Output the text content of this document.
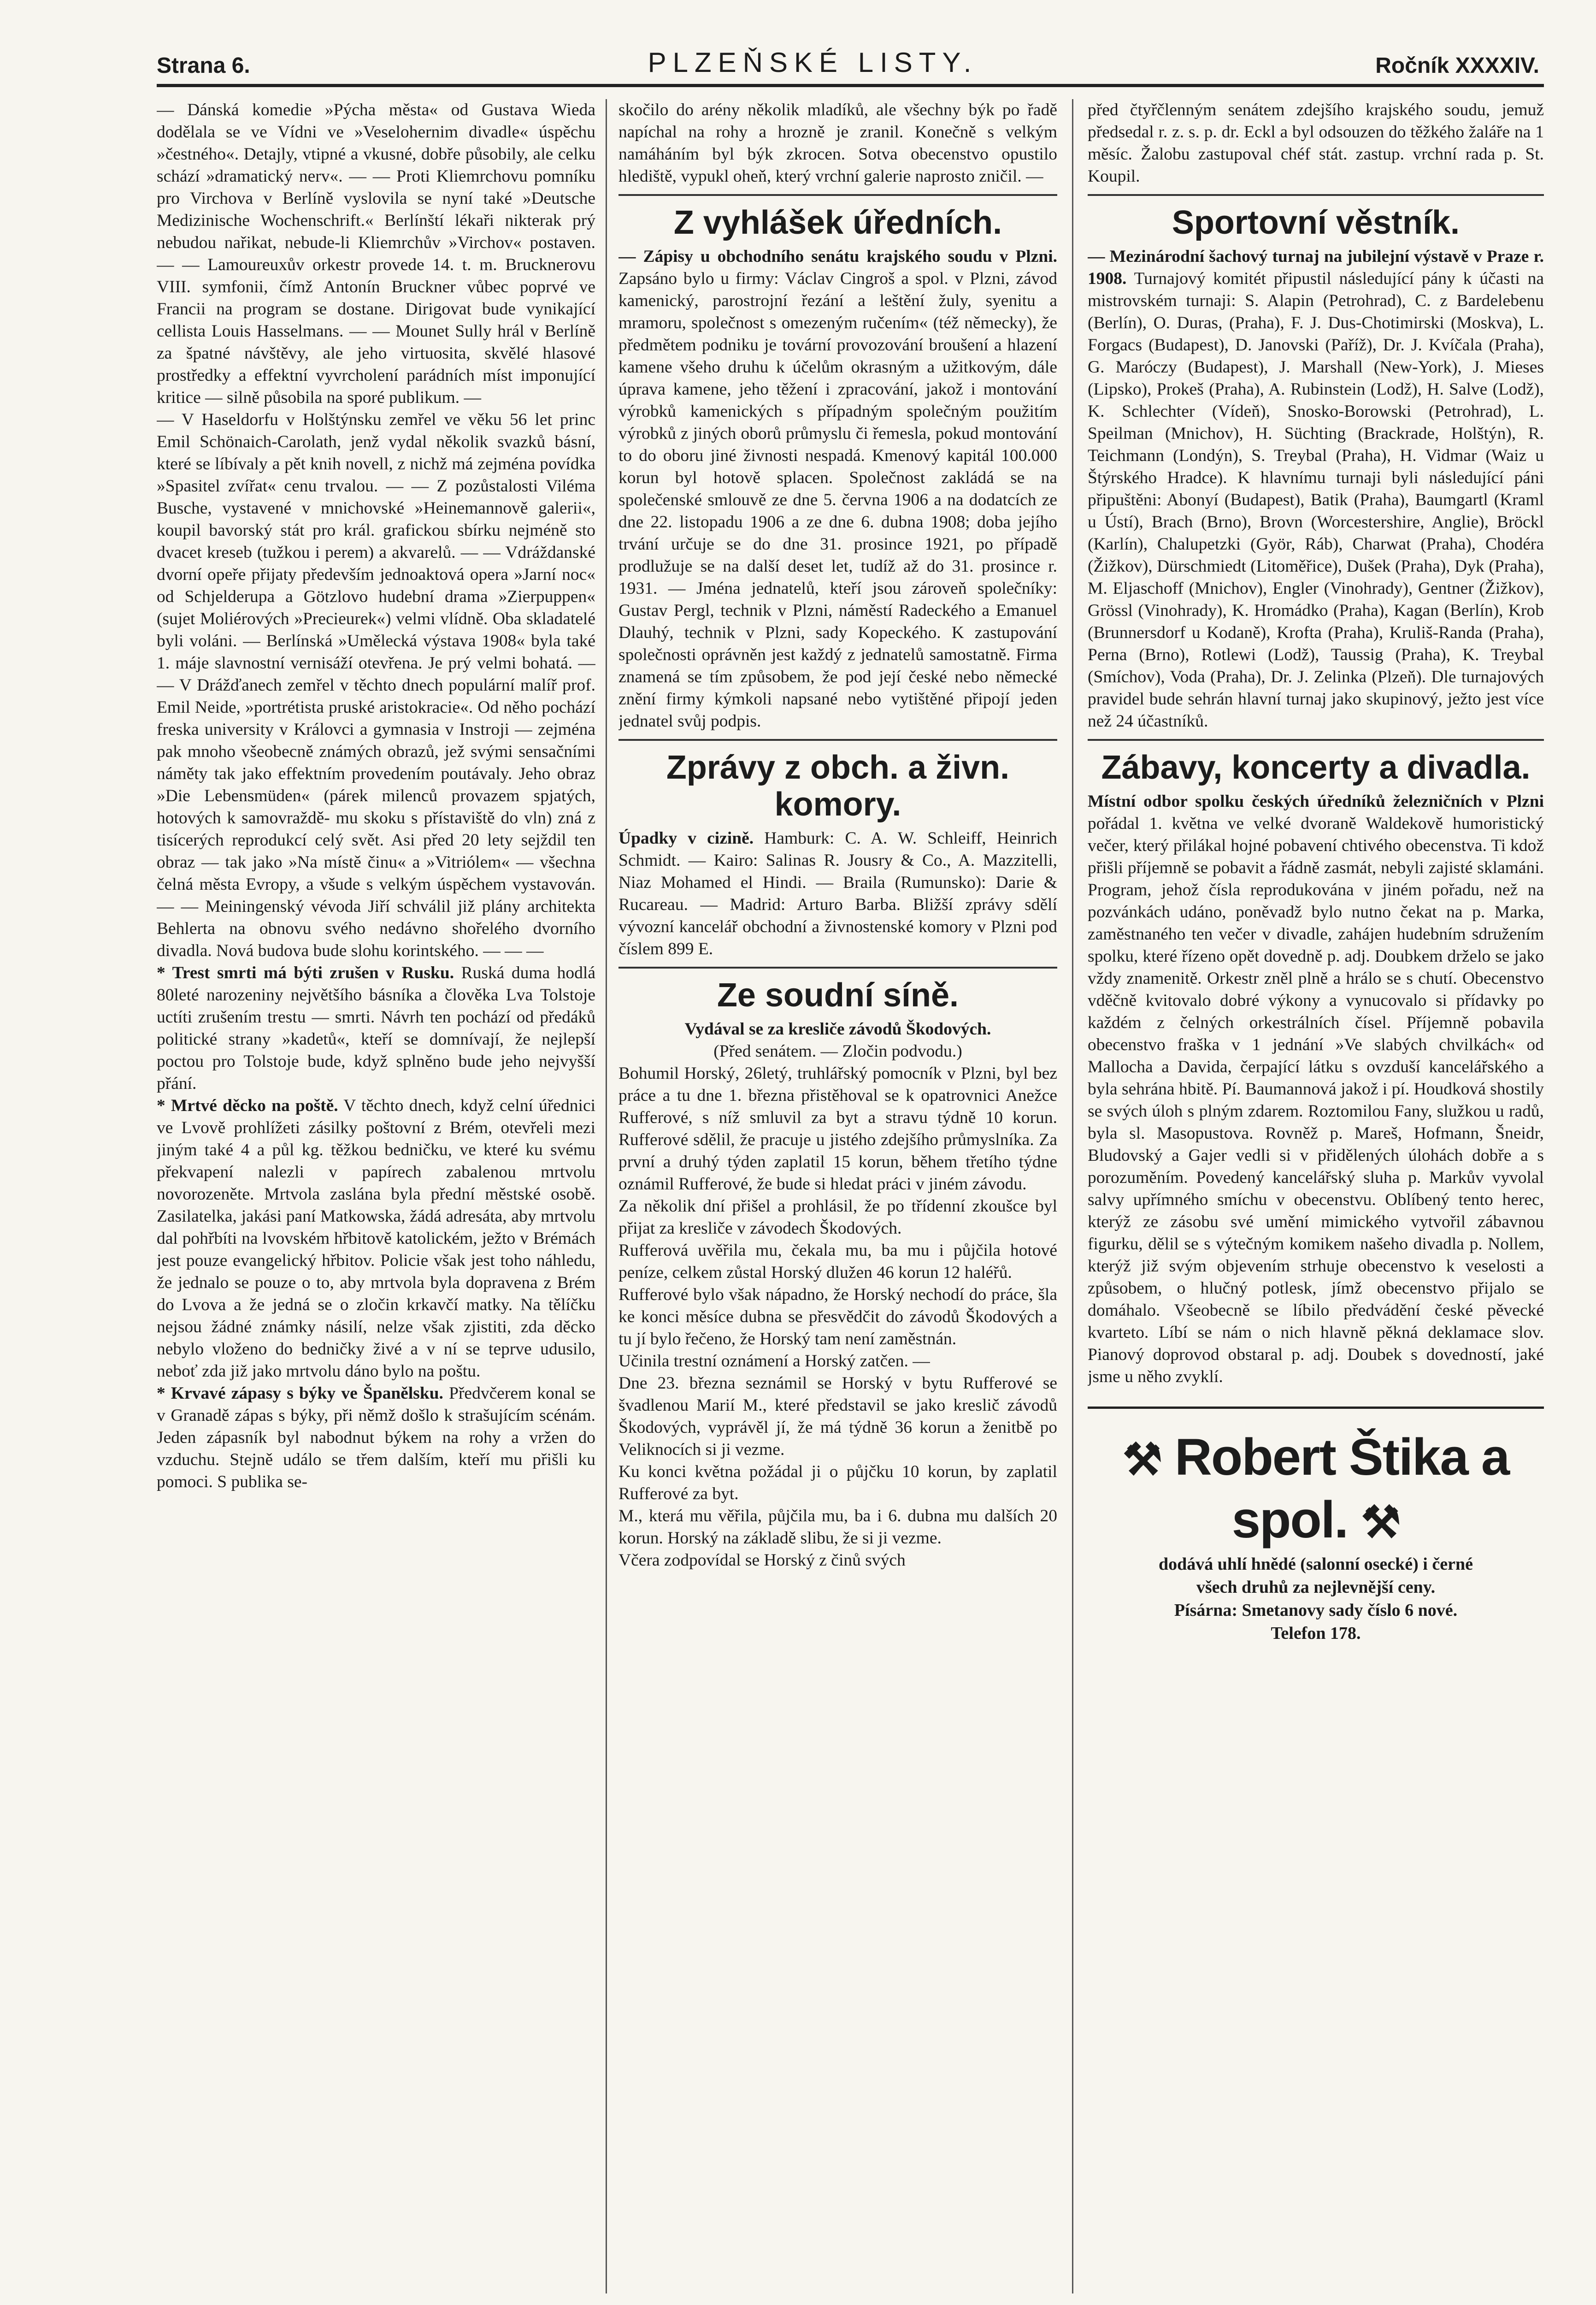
Strana 6.	PLZEŇSKÉ LISTY.	Ročník XXXXIV.

— Dánská komedie »Pýcha města« od Gustava Wieda dodělala se ve Vídni ve »Veselohernim divadle« úspěchu »čestného«. Detajly, vtipné a vkusné, dobře působily, ale celku schází »dramatický nerv«. — — Proti Kliemrchovu pomníku pro Virchova v Berlíně vyslovila se nyní také »Deutsche Medizinische Wochenschrift.« Berlínští lékaři nikterak prý nebudou nařikat, nebude-li Kliemrchův »Virchov« postaven. — — Lamoureuxův orkestr provede 14. t. m. Brucknerovu VIII. symfonii, čímž Antonín Bruckner vůbec poprvé ve Francii na program se dostane. Dirigovat bude vynikající cellista Louis Hasselmans. — — Mounet Sully hrál v Berlíně za špatné návštěvy, ale jeho virtuosita, skvělé hlasové prostředky a effektní vyvrcholení parádních míst imponující kritice — silně působila na sporé publikum. —

— V Haseldorfu v Holštýnsku zemřel ve věku 56 let princ Emil Schönaich-Carolath, jenž vydal několik svazků básní, které se líbívaly a pět knih novell, z nichž má zejména povídka »Spasitel zvířat« cenu trvalou. — — Z pozůstalosti Viléma Busche, vystavené v mnichovské »Heinemannově galerii«, koupil bavorský stát pro král. grafickou sbírku nejméně sto dvacet kreseb (tužkou i perem) a akvarelů. — — Vdráždanské dvorní opeře přijaty především jednoaktová opera »Jarní noc« od Schjelderupa a Götzlovo hudební drama »Zierpuppen« (sujet Moliérových »Precieurek«) velmi vlídně. Oba skladatelé byli voláni. — Berlínská »Umělecká výstava 1908« byla také 1. máje slavnostní vernisáží otevřena. Je prý velmi bohatá. — — V Drážďanech zemřel v těchto dnech populární malíř prof. Emil Neide, »portrétista pruské aristokracie«. Od něho pochází freska university v Královci a gymnasia v Instroji — zejména pak mnoho všeobecně známých obrazů, jež svými sensačními náměty tak jako effektním provedením poutávaly. Jeho obraz »Die Lebensmüden« (párek milenců provazem spjatých, hotových k samovraždě- mu skoku s přístaviště do vln) zná z tisícerých reprodukcí celý svět. Asi před 20 lety sejždil ten obraz — tak jako »Na místě činu« a »Vitriólem« — všechna čelná města Evropy, a všude s velkým úspěchem vystavován. — — Meiningenský vévoda Jiří schválil již plány architekta Behlerta na obnovu svého nedávno shořelého dvorního divadla. Nová budova bude slohu korintského. — — —

* Trest smrti má býti zrušen v Rusku. Ruská duma hodlá 80leté narozeniny největšího básníka a člověka Lva Tolstoje uctíti zrušením trestu — smrti. Návrh ten pochází od předáků politické strany »kadetů«, kteří se domnívají, že nejlepší poctou pro Tolstoje bude, když splněno bude jeho nejvyšší přání.

* Mrtvé děcko na poště. V těchto dnech, když celní úřednici ve Lvově prohlížeti zásilky poštovní z Brém, otevřeli mezi jiným také 4 a půl kg. těžkou bedničku, ve které ku svému překvapení nalezli v papírech zabalenou mrtvolu novorozeněte. Mrtvola zaslána byla přední městské osobě. Zasilatelka, jakási paní Matkowska, žádá adresáta, aby mrtvolu dal pohřbíti na lvovském hřbitově katolickém, ježto v Brémách jest pouze evangelický hřbitov. Policie však jest toho náhledu, že jednalo se pouze o to, aby mrtvola byla dopravena z Brém do Lvova a že jedná se o zločin krkavčí matky. Na tělíčku nejsou žádné známky násilí, nelze však zjistiti, zda děcko nebylo vloženo do bedničky živé a v ní se teprve udusilo, neboť zda již jako mrtvolu dáno bylo na poštu.

* Krvavé zápasy s býky ve Španělsku. Předvčerem konal se v Granadě zápas s býky, při němž došlo k strašujícím scénám. Jeden zápasník byl nabodnut býkem na rohy a vržen do vzduchu. Stejně událo se třem dalším, kteří mu přišli ku pomoci. S publika se-

skočilo do arény několik mladíků, ale všechny býk po řadě napíchal na rohy a hrozně je zranil. Konečně s velkým namáháním byl býk zkrocen. Sotva obecenstvo opustilo hlediště, vypukl oheň, který vrchní galerie naprosto zničil. —

Z vyhlášek úředních.

— Zápisy u obchodního senátu krajského soudu v Plzni. Zapsáno bylo u firmy: Václav Cingroš a spol. v Plzni, závod kamenický, parostrojní řezání a leštění žuly, syenitu a mramoru, společnost s omezeným ručením« (též německy), že předmětem podniku je tovární provozování broušení a hlazení kamene všeho druhu k účelům okrasným a užitkovým, dále úprava kamene, jeho těžení i zpracování, jakož i montování výrobků kamenických s případným společným použitím výrobků z jiných oborů průmyslu či řemesla, pokud montování to do oboru jiné živnosti nespadá. Kmenový kapitál 100.000 korun byl hotově splacen. Společnost zakládá se na společenské smlouvě ze dne 5. června 1906 a na dodatcích ze dne 22. listopadu 1906 a ze dne 6. dubna 1908; doba jejího trvání určuje se do dne 31. prosince 1921, po případě prodlužuje se na další deset let, tudíž až do 31. prosince r. 1931. — Jména jednatelů, kteří jsou zároveň společníky: Gustav Pergl, technik v Plzni, náměstí Radeckého a Emanuel Dlauhý, technik v Plzni, sady Kopeckého. K zastupování společnosti oprávněn jest každý z jednatelů samostatně. Firma znamená se tím způsobem, že pod její české nebo německé znění firmy kýmkoli napsané nebo vytištěné připojí jeden jednatel svůj podpis.

Zprávy z obch. a živn. komory.

Úpadky v cizině. Hamburk: C. A. W. Schleiff, Heinrich Schmidt. — Kairo: Salinas R. Jousry & Co., A. Mazzitelli, Niaz Mohamed el Hindi. — Braila (Rumunsko): Darie & Rucareau. — Madrid: Arturo Barba. Bližší zprávy sdělí vývozní kancelář obchodní a živnostenské komory v Plzni pod číslem 899 E.

Ze soudní síně.

Vydával se za kresliče závodů Škodových.

(Před senátem. — Zločin podvodu.)

Bohumil Horský, 26letý, truhlářský pomocník v Plzni, byl bez práce a tu dne 1. března přistěhoval se k opatrovnici Anežce Rufferové, s níž smluvil za byt a stravu týdně 10 korun. Rufferové sdělil, že pracuje u jistého zdejšího průmyslníka. Za první a druhý týden zaplatil 15 korun, během třetího týdne oznámil Rufferové, že bude si hledat práci v jiném závodu.

Za několik dní přišel a prohlásil, že po třídenní zkoušce byl přijat za kresliče v závodech Škodových.

Rufferová uvěřila mu, čekala mu, ba mu i půjčila hotové peníze, celkem zůstal Horský dlužen 46 korun 12 haléřů.

Rufferové bylo však nápadno, že Horský nechodí do práce, šla ke konci měsíce dubna se přesvědčit do závodů Škodových a tu jí bylo řečeno, že Horský tam není zaměstnán.

Učinila trestní oznámení a Horský zatčen. —

Dne 23. března seznámil se Horský v bytu Rufferové se švadlenou Marií M., které představil se jako kreslič závodů Škodových, vyprávěl jí, že má týdně 36 korun a ženitbě po Veliknocích si ji vezme.

Ku konci května požádal ji o půjčku 10 korun, by zaplatil Rufferové za byt.

M., která mu věřila, půjčila mu, ba i 6. dubna mu dalších 20 korun. Horský na základě slibu, že si ji vezme.

Včera zodpovídal se Horský z činů svých

před čtyřčlenným senátem zdejšího krajského soudu, jemuž předsedal r. z. s. p. dr. Eckl a byl odsouzen do těžkého žaláře na 1 měsíc. Žalobu zastupoval chéf stát. zastup. vrchní rada p. St. Koupil.

Sportovní věstník.

— Mezinárodní šachový turnaj na jubilejní výstavě v Praze r. 1908. Turnajový komitét připustil následující pány k účasti na mistrovském turnaji: S. Alapin (Petrohrad), C. z Bardelebenu (Berlín), O. Duras, (Praha), F. J. Dus-Chotimirski (Moskva), L. Forgacs (Budapest), D. Janovski (Paříž), Dr. J. Kvíčala (Praha), G. Maróczy (Budapest), J. Marshall (New-York), J. Mieses (Lipsko), Prokeš (Praha), A. Rubinstein (Lodž), H. Salve (Lodž), K. Schlechter (Vídeň), Snosko-Borowski (Petrohrad), L. Speilman (Mnichov), H. Süchting (Brackrade, Holštýn), R. Teichmann (Londýn), S. Treybal (Praha), H. Vidmar (Waiz u Štýrského Hradce). K hlavnímu turnaji byli následující páni připuštěni: Abonyí (Budapest), Batik (Praha), Baumgartl (Kraml u Ústí), Brach (Brno), Brovn (Worcestershire, Anglie), Bröckl (Karlín), Chalupetzki (Györ, Ráb), Charwat (Praha), Chodéra (Žižkov), Dürschmiedt (Litoměřice), Dušek (Praha), Dyk (Praha), M. Eljaschoff (Mnichov), Engler (Vinohrady), Gentner (Žižkov), Grössl (Vinohrady), K. Hromádko (Praha), Kagan (Berlín), Krob (Brunnersdorf u Kodaně), Krofta (Praha), Kruliš-Randa (Praha), Perna (Brno), Rotlewi (Lodž), Taussig (Praha), K. Treybal (Smíchov), Voda (Praha), Dr. J. Zelinka (Plzeň). Dle turnajových pravidel bude sehrán hlavní turnaj jako skupinový, ježto jest více než 24 účastníků.

Zábavy, koncerty a divadla.

Místní odbor spolku českých úředníků železničních v Plzni pořádal 1. května ve velké dvoraně Waldekově humoristický večer, který přilákal hojné pobavení chtivého obecenstva. Ti kdož přišli příjemně se pobavit a řádně zasmát, nebyli zajisté sklamáni. Program, jehož čísla reprodukována v jiném pořadu, než na pozvánkách udáno, poněvadž bylo nutno čekat na p. Marka, zaměstnaného ten večer v divadle, zahájen hudebním sdružením spolku, které řízeno opět dovedně p. adj. Doubkem drželo se jako vždy znamenitě. Orkestr zněl plně a hrálo se s chutí. Obecenstvo vděčně kvitovalo dobré výkony a vynucovalo si přídavky po každém z čelných orkestrálních čísel. Příjemně pobavila obecenstvo fraška v 1 jednání »Ve slabých chvilkách« od Mallocha a Davida, čerpající látku s ovzduší kancelářského a byla sehrána hbitě. Pí. Baumannová jakož i pí. Houdková shostily se svých úloh s plným zdarem. Roztomilou Fany, služkou u radů, byla sl. Masopustova. Rovněž p. Mareš, Hofmann, Šneidr, Bludovský a Gajer vedli si v přidělených úlohách dobře a s porozuměním. Povedený kancelářský sluha p. Markův vyvolal salvy upřímného smíchu v obecenstvu. Oblíbený tento herec, kterýž ze zásobu své umění mimického vytvořil zábavnou figurku, dělil se s výtečným komikem našeho divadla p. Nollem, kterýž již svým objevením strhuje obecenstvo k veselosti a způsobem, o hlučný potlesk, jímž obecenstvo přijalo se domáhalo. Všeobecně se líbilo předvádění české pěvecké kvarteto. Líbí se nám o nich hlavně pěkná deklamace slov. Pianový doprovod obstaral p. adj. Doubek s dovedností, jaké jsme u něho zvyklí.

⚒ Robert Štika a spol. ⚒
dodává uhlí hnědé (salonní osecké) i černé
všech druhů za nejlevnější ceny.
Písárna: Smetanovy sady číslo 6 nové.
Telefon 178.
